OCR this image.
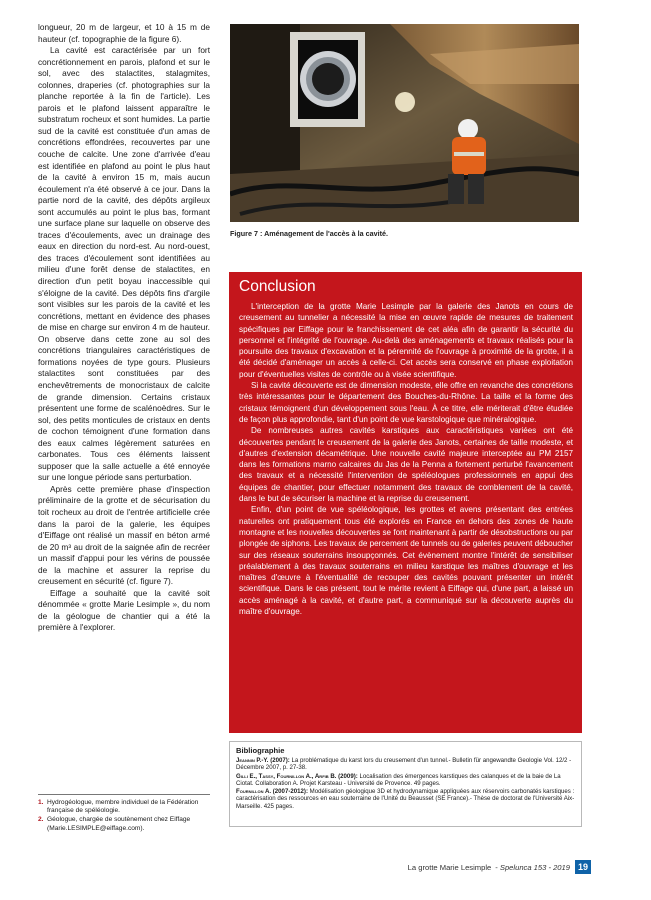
longueur, 20 m de largeur, et 10 à 15 m de hauteur (cf. topographie de la figure 6).

La cavité est caractérisée par un fort concrétionnement en parois, plafond et sur le sol, avec des stalactites, stalagmites, colonnes, draperies (cf. photographies sur la planche reportée à la fin de l'article). Les parois et le plafond laissent apparaître le substratum rocheux et sont humides. La partie sud de la cavité est constituée d'un amas de concrétions effondrées, recouvertes par une couche de calcite. Une zone d'arrivée d'eau est identifiée en plafond au point le plus haut de la cavité à environ 15 m, mais aucun écoulement n'a été observé à ce jour. Dans la partie nord de la cavité, des dépôts argileux sont accumulés au point le plus bas, formant une surface plane sur laquelle on observe des traces d'écoulements, avec un drainage des eaux en direction du nord-est. Au nord-ouest, des traces d'écoulement sont identifiées au milieu d'une forêt dense de stalactites, en direction d'un petit boyau inaccessible qui s'éloigne de la cavité. Des dépôts fins d'argile sont visibles sur les parois de la cavité et les concrétions, mettant en évidence des phases de mise en charge sur environ 4 m de hauteur. On observe dans cette zone au sol des concrétions triangulaires caractéristiques de formations noyées de type gours. Plusieurs stalactites sont constituées par des enchevêtrements de monocristaux de calcite de grande dimension. Certains cristaux présentent une forme de scalénoèdres. Sur le sol, des petits monticules de cristaux en dents de cochon témoignent d'une formation dans des eaux calmes légèrement saturées en carbonates. Tous ces éléments laissent supposer que la salle actuelle a été ennoyée sur une longue période sans perturbation.

Après cette première phase d'inspection préliminaire de la grotte et de sécurisation du toit rocheux au droit de l'entrée artificielle crée dans la paroi de la galerie, les équipes d'Eiffage ont réalisé un massif en béton armé de 20 m³ au droit de la saignée afin de recréer un massif d'appui pour les vérins de poussée de la machine et assurer la reprise du creusement en sécurité (cf. figure 7).

Eiffage a souhaité que la cavité soit dénommée « grotte Marie Lesimple », du nom de la géologue de chantier qui a été la première à l'explorer.

1. Hydrogéologue, membre individuel de la Fédération française de spéléologie.
2. Géologue, chargée de soutènement chez Eiffage (Marie.LESIMPLE@eiffage.com).
Figure 7 : Aménagement de l'accès à la cavité.
Conclusion

L'interception de la grotte Marie Lesimple par la galerie des Janots en cours de creusement au tunnelier a nécessité la mise en œuvre rapide de mesures de traitement spécifiques par Eiffage pour le franchissement de cet aléa afin de garantir la sécurité du personnel et l'intégrité de l'ouvrage. Au-delà des aménagements et travaux réalisés pour la poursuite des travaux d'excavation et la pérennité de l'ouvrage à proximité de la grotte, il a été décidé d'aménager un accès à celle-ci. Cet accès sera conservé en phase exploitation pour d'éventuelles visites de contrôle ou à visée scientifique.

Si la cavité découverte est de dimension modeste, elle offre en revanche des concrétions très intéressantes pour le département des Bouches-du-Rhône. La taille et la forme des cristaux témoignent d'un développement sous l'eau. À ce titre, elle mériterait d'être étudiée de façon plus approfondie, tant d'un point de vue karstologique que minéralogique.

De nombreuses autres cavités karstiques aux caractéristiques variées ont été découvertes pendant le creusement de la galerie des Janots, certaines de taille modeste, et d'autres d'extension décamétrique. Une nouvelle cavité majeure interceptée au PM 2157 dans les formations marno calcaires du Jas de la Penna a fortement perturbé l'avancement des travaux et a nécessité l'intervention de spéléologues professionnels en appui des équipes de chantier, pour effectuer notamment des travaux de comblement de la cavité, dans le but de sécuriser la machine et la reprise du creusement.

Enfin, d'un point de vue spéléologique, les grottes et avens présentant des entrées naturelles ont pratiquement tous été explorés en France en dehors des zones de haute montagne et les nouvelles découvertes se font maintenant à partir de désobstructions ou par plongée de siphons. Les travaux de percement de tunnels ou de galeries peuvent déboucher sur des réseaux souterrains insoupçonnés. Cet évènement montre l'intérêt de sensibiliser préalablement à des travaux souterrains en milieu karstique les maîtres d'ouvrage et les maîtres d'œuvre à l'éventualité de recouper des cavités pouvant présenter un intérêt scientifique. Dans le cas présent, tout le mérite revient à Eiffage qui, d'une part, a laissé un accès aménagé à la cavité, et d'autre part, a communiqué sur la découverte auprès du maître d'ouvrage.

Bibliographie

Jeannin P.-Y. (2007): La problématique du karst lors du creusement d'un tunnel.- Bulletin für angewandte Geologie Vol. 12/2 - Décembre 2007, p. 27-38.

Gilli E., Tassy, Fournillon A., Arfib B. (2009): Localisation des émergences karstiques des calanques et de la baie de La Ciotat. Collaboration A. Projet Karsteau - Université de Provence. 49 pages.

Fournillon A. (2007-2012): Modélisation géologique 3D et hydrodynamique appliquées aux réservoirs carbonatés karstiques : caractérisation des ressources en eau souterraine de l'Unité du Beausset (SE France).- Thèse de doctorat de l'Université Aix-Marseille. 425 pages.

La grotte Marie Lesimple - Spelunca 153 - 2019 19
